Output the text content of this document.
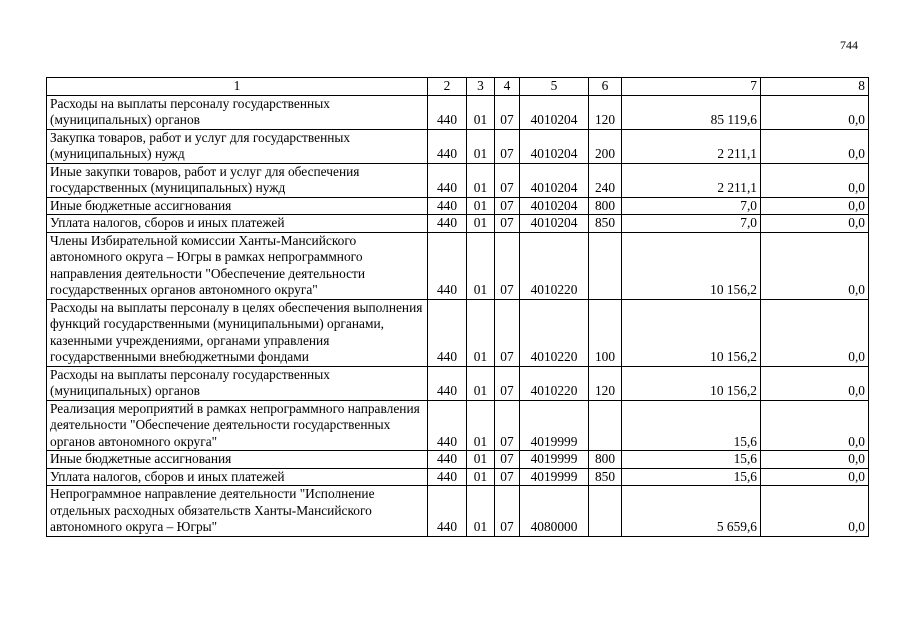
744
1	2	3	4	5	6	7	8
Расходы на выплаты персоналу государственных (муниципальных) органов	440	01	07	4010204	120	85 119,6	0,0
Закупка товаров, работ и услуг для государственных (муниципальных) нужд	440	01	07	4010204	200	2 211,1	0,0
Иные закупки товаров, работ и услуг для обеспечения государственных (муниципальных) нужд	440	01	07	4010204	240	2 211,1	0,0
Иные бюджетные ассигнования	440	01	07	4010204	800	7,0	0,0
Уплата налогов, сборов и иных платежей	440	01	07	4010204	850	7,0	0,0
Члены Избирательной комиссии Ханты-Мансийского автономного округа – Югры в рамках непрограммного направления деятельности "Обеспечение деятельности государственных органов автономного округа"	440	01	07	4010220		10 156,2	0,0
Расходы на выплаты персоналу в целях обеспечения выполнения функций государственными (муниципальными) органами, казенными учреждениями, органами управления государственными внебюджетными фондами	440	01	07	4010220	100	10 156,2	0,0
Расходы на выплаты персоналу государственных (муниципальных) органов	440	01	07	4010220	120	10 156,2	0,0
Реализация мероприятий в рамках непрограммного направления деятельности "Обеспечение деятельности государственных органов автономного округа"	440	01	07	4019999		15,6	0,0
Иные бюджетные ассигнования	440	01	07	4019999	800	15,6	0,0
Уплата налогов, сборов и иных платежей	440	01	07	4019999	850	15,6	0,0
Непрограммное направление деятельности "Исполнение отдельных расходных обязательств Ханты-Мансийского автономного округа – Югры"	440	01	07	4080000		5 659,6	0,0
